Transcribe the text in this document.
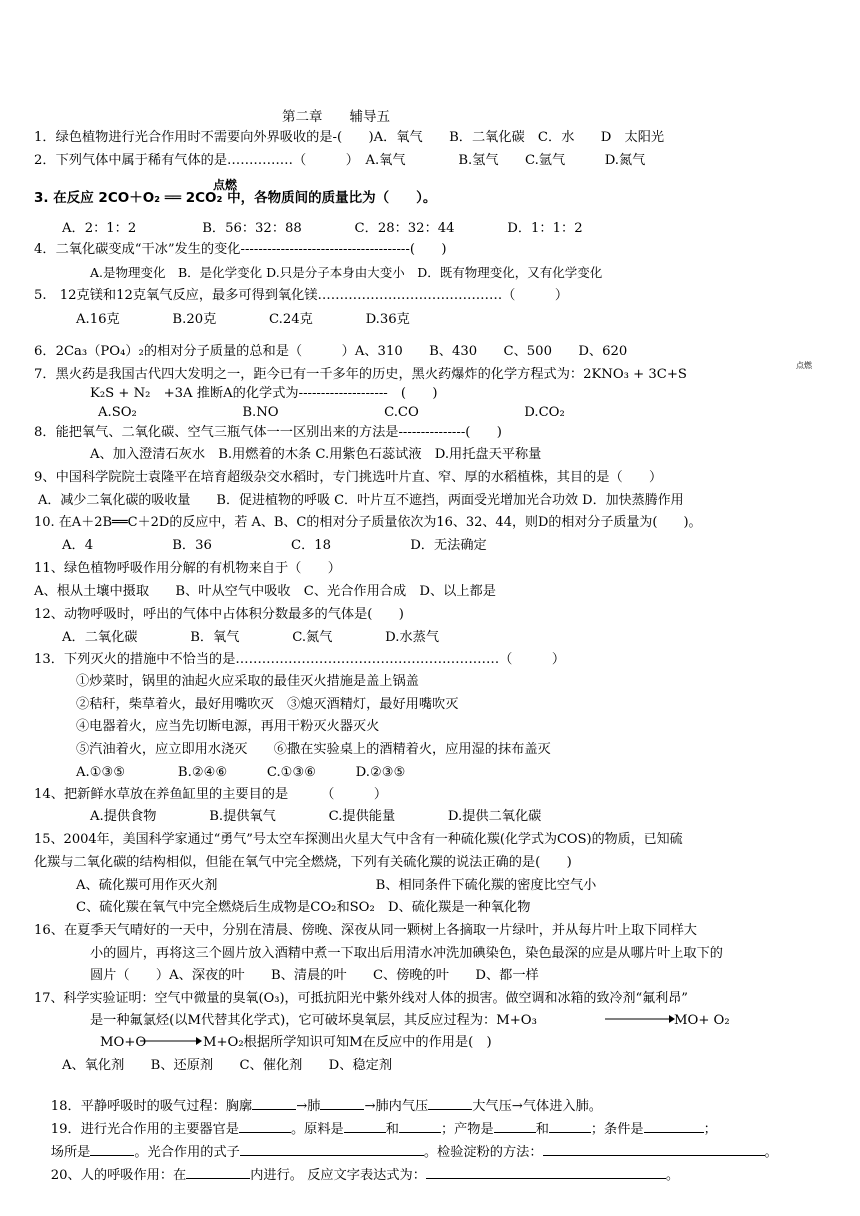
第二章　　辅导五
1．绿色植物进行光合作用时不需要向外界吸收的是-(　　)A．氧气　　B．二氧化碳　C．水　　D　太阳光
2．下列气体中属于稀有气体的是……………（　　　）　A.氧气　　　　B.氢气　　C.氩气　　　D.氮气
点燃
3. 在反应 2CO＋O₂ ══ 2CO₂ 中，各物质间的质量比为（　　）。
A．2：1：2　　　　　B．56：32：88　　　　C．28：32：44　　　　D．1：1：2
4．二氧化碳变成“干冰”发生的变化--------------------------------------(　　)
A.是物理变化　B．是化学变化 D.只是分子本身由大变小　D．既有物理变化，又有化学变化
5.　12克镁和12克氧气反应，最多可得到氧化镁……………………………………（　　　）
A.16克　　　　B.20克　　　　C.24克　　　　D.36克
6．2Ca₃（PO₄）₂的相对分子质量的总和是（　　　）A、310　　B、430　　C、500　　D、620
7．黑火药是我国古代四大发明之一，距今已有一千多年的历史，黑火药爆炸的化学方程式为：2KNO₃ + 3C+S
点燃
K₂S + N₂　+3A 推断A的化学式为--------------------　(　　)
A.SO₂　　　　　　　　B.NO　　　　　　　　C.CO　　　　　　　　D.CO₂
8．能把氧气、二氧化碳、空气三瓶气体一一区别出来的方法是---------------(　　)
A、加入澄清石灰水　B.用燃着的木条 C.用紫色石蕊试液　D.用托盘天平称量
9、中国科学院院士袁隆平在培育超级杂交水稻时，专门挑选叶片直、窄、厚的水稻植株，其目的是（　　）
A．减少二氧化碳的吸收量　　B．促进植物的呼吸 C．叶片互不遮挡，两面受光增加光合功效 D．加快蒸腾作用
10. 在A＋2B══C＋2D的反应中，若 A、B、C的相对分子质量依次为16、32、44，则D的相对分子质量为(　　)。
A．4　　　　　　B．36　　　　　　C．18　　　　　　D．无法确定
11、绿色植物呼吸作用分解的有机物来自于（　　）
A、根从土壤中摄取　　B、叶从空气中吸收　C、光合作用合成　D、以上都是
12、动物呼吸时，呼出的气体中占体积分数最多的气体是(　　)
A．二氧化碳　　　　B．氧气　　　　C.氮气　　　　D.水蒸气
13．下列灭火的措施中不恰当的是……………………………………………………（　　　）
①炒菜时，锅里的油起火应采取的最佳灭火措施是盖上锅盖
②秸秆，柴草着火，最好用嘴吹灭　③熄灭酒精灯，最好用嘴吹灭
④电器着火，应当先切断电源，再用干粉灭火器灭火
⑤汽油着火，应立即用水浇灭　　⑥撒在实验桌上的酒精着火，应用湿的抹布盖灭
A.①③⑤　　　　B.②④⑥　　　C.①③⑥　　　D.②③⑤
14、把新鲜水草放在养鱼缸里的主要目的是　　　（　　　）
A.提供食物　　　　B.提供氧气　　　　C.提供能量　　　　D.提供二氧化碳
15、2004年，美国科学家通过“勇气”号太空车探测出火星大气中含有一种硫化羰(化学式为COS)的物质，已知硫
化羰与二氧化碳的结构相似，但能在氧气中完全燃烧，下列有关硫化羰的说法正确的是(　　)
A、硫化羰可用作灭火剂　　　　　　　　　　　　B、相同条件下硫化羰的密度比空气小
C、硫化羰在氧气中完全燃烧后生成物是CO₂和SO₂　D、硫化羰是一种氧化物
16、在夏季天气晴好的一天中，分别在清晨、傍晚、深夜从同一颗树上各摘取一片绿叶，并从每片叶上取下同样大
小的圆片，再将这三个圆片放入酒精中煮一下取出后用清水冲洗加碘染色，染色最深的应是从哪片叶上取下的
圆片（　　）A、深夜的叶　　B、清晨的叶　　C、傍晚的叶　　D、都一样
17、科学实验证明：空气中微量的臭氧(O₃)，可抵抗阳光中紫外线对人体的损害。做空调和冰箱的致冷剂“氟利昂”
是一种氟氯烃(以M代替其化学式)，它可破坏臭氧层，其反应过程为：M+O₃	MO+ O₂
MO+O → M+O₂根据所学知识可知M在反应中的作用是(　)
A、氧化剂　　B、还原剂　　C、催化剂　　D、稳定剂

18．平静呼吸时的吸气过程：胸廓	→肺	→肺内气压	大气压→气体进入肺。

19．进行光合作用的主要器官是	。原料是	和	；产物是	和	；条件是	；

场所是	。光合作用的式子	。检验淀粉的方法：	。

20、人的呼吸作用：在	内进行。 反应文字表达式为：	。
